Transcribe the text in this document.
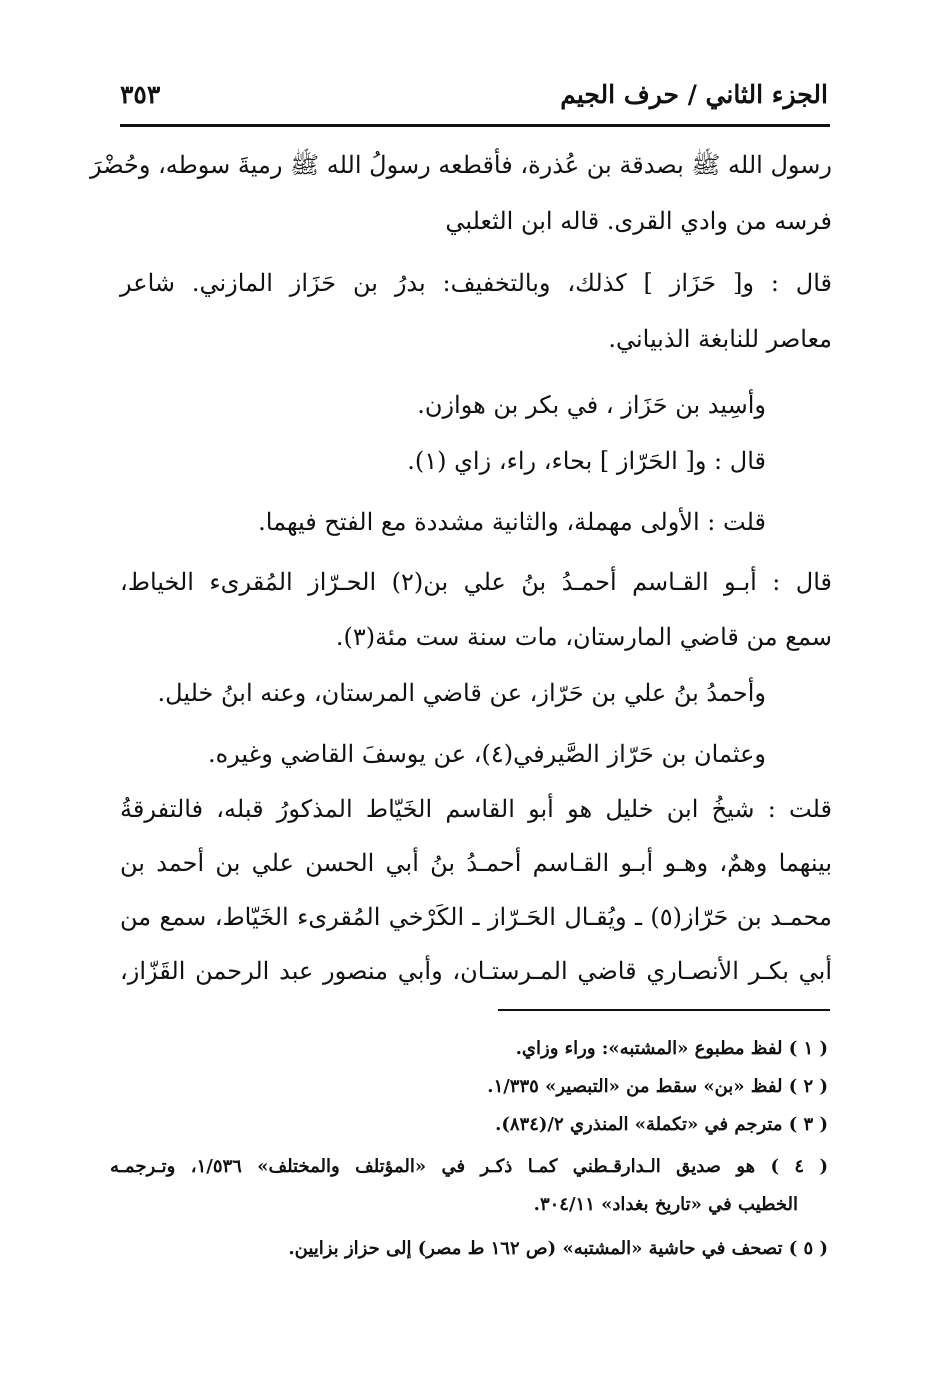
الجزء الثاني / حرف الجيم
٣٥٣
رسول الله ﷺ بصدقة بن عُذرة، فأقطعه رسولُ الله ﷺ رميةَ سوطه، وحُضْرَ
فرسه من وادي القرى. قاله ابن الثعلبي
قال : و[ حَزَاز ] كذلك، وبالتخفيف: بدرُ بن حَزَاز المازني. شاعر
معاصر للنابغة الذبياني.
وأسِيد بن حَزَاز ، في بكر بن هوازن.
قال : و[ الحَرّاز ] بحاء، راء، زاي (١).
قلت : الأولى مهملة، والثانية مشددة مع الفتح فيهما.
قال : أبـو القـاسم أحمـدُ بنُ علي بن(٢) الحـرّاز المُقرىء الخياط،
سمع من قاضي المارستان، مات سنة ست مئة(٣).
وأحمدُ بنُ علي بن حَرّاز، عن قاضي المرستان، وعنه ابنُ خليل.
وعثمان بن حَرّاز الصَّيرفي(٤)، عن يوسفَ القاضي وغيره.
قلت : شيخُ ابن خليل هو أبو القاسم الخَيّاط المذكورُ قبله، فالتفرقةُ
بينهما وهمٌ، وهـو أبـو القـاسم أحمـدُ بنُ أبي الحسن علي بن أحمد بن
محمـد بن حَرّاز(٥) ـ ويُقـال الحَـرّاز ـ الكَرْخي المُقرىء الخَيّاط، سمع من
أبي بكـر الأنصـاري قاضي المـرستـان، وأبي منصور عبد الرحمن القَزّاز،
( ١ ) لفظ مطبوع «المشتبه»: وراء وزاي.
( ٢ ) لفظ «بن» سقط من «التبصير» ١/٣٣٥.
( ٣ ) مترجم في «تكملة» المنذري ٢/(٨٣٤).
( ٤ ) هو صديق الـدارقـطني كمـا ذكـر في «المؤتلف والمختلف» ١/٥٣٦، وتـرجمـه
الخطيب في «تاريخ بغداد» ٣٠٤/١١.
( ٥ ) تصحف في حاشية «المشتبه» (ص ١٦٢ ط مصر) إلى حزاز بزايين.
